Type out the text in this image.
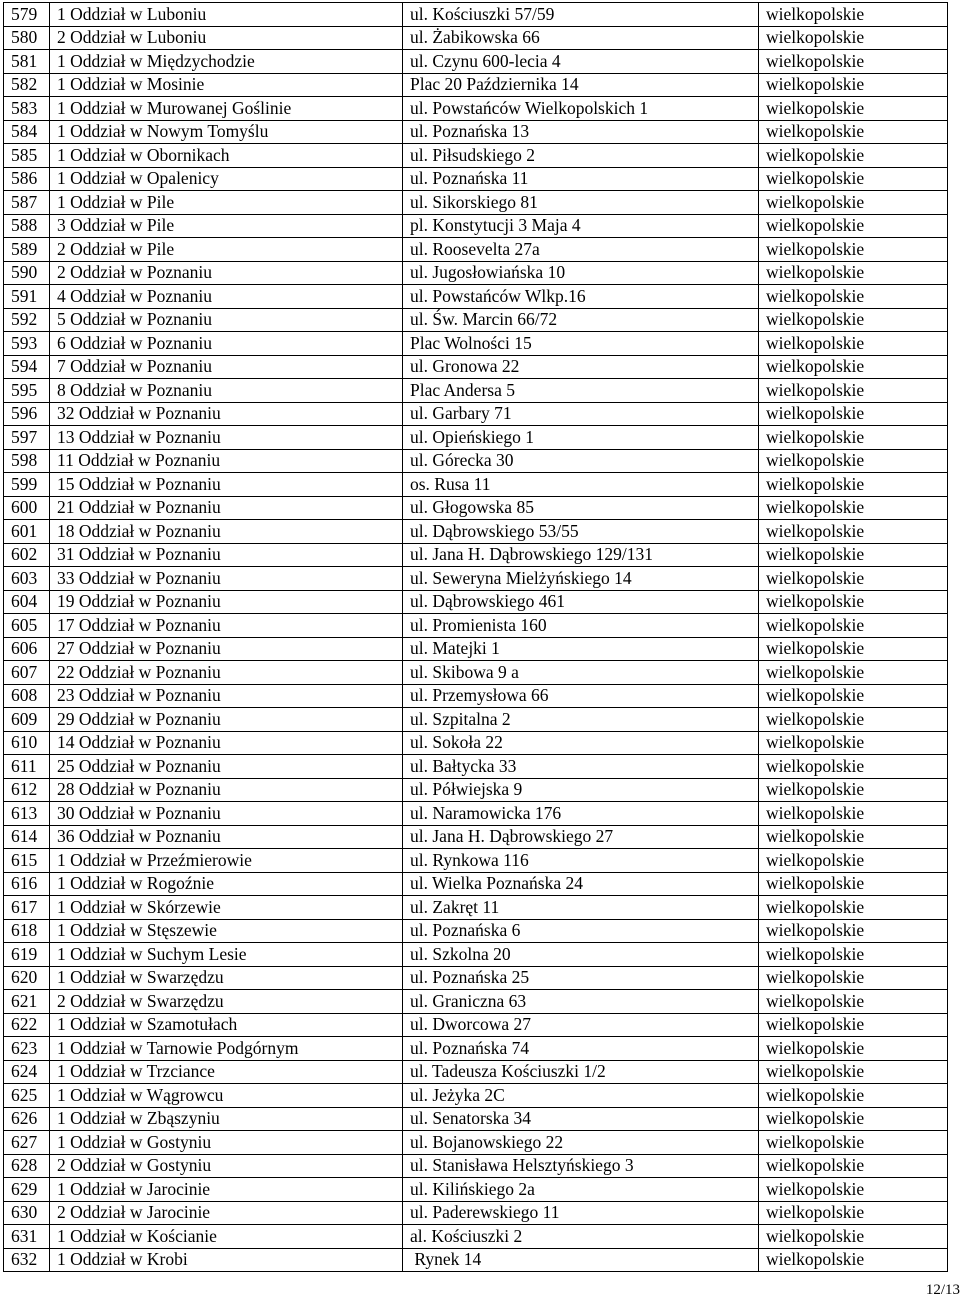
579	1 Oddział w Luboniu	ul. Kościuszki 57/59	wielkopolskie
580	2 Oddział w Luboniu	ul. Żabikowska 66	wielkopolskie
581	1 Oddział w Międzychodzie	ul. Czynu 600-lecia 4	wielkopolskie
582	1 Oddział w Mosinie	Plac 20 Października 14	wielkopolskie
583	1 Oddział w Murowanej Goślinie	ul. Powstańców Wielkopolskich 1	wielkopolskie
584	1 Oddział w Nowym Tomyślu	ul. Poznańska 13	wielkopolskie
585	1 Oddział w Obornikach	ul. Piłsudskiego 2	wielkopolskie
586	1 Oddział w Opalenicy	ul. Poznańska 11	wielkopolskie
587	1 Oddział w Pile	ul. Sikorskiego 81	wielkopolskie
588	3 Oddział w Pile	pl. Konstytucji 3 Maja 4	wielkopolskie
589	2 Oddział w Pile	ul. Roosevelta 27a	wielkopolskie
590	2 Oddział w Poznaniu	ul. Jugosłowiańska 10	wielkopolskie
591	4 Oddział w Poznaniu	ul. Powstańców Wlkp.16	wielkopolskie
592	5 Oddział w Poznaniu	ul. Św. Marcin 66/72	wielkopolskie
593	6 Oddział w Poznaniu	Plac Wolności 15	wielkopolskie
594	7 Oddział w Poznaniu	ul. Gronowa 22	wielkopolskie
595	8 Oddział w Poznaniu	Plac Andersa 5	wielkopolskie
596	32 Oddział w Poznaniu	ul. Garbary 71	wielkopolskie
597	13 Oddział w Poznaniu	ul. Opieńskiego 1	wielkopolskie
598	11 Oddział w Poznaniu	ul. Górecka 30	wielkopolskie
599	15 Oddział w Poznaniu	os. Rusa 11	wielkopolskie
600	21 Oddział w Poznaniu	ul. Głogowska 85	wielkopolskie
601	18 Oddział w Poznaniu	ul. Dąbrowskiego 53/55	wielkopolskie
602	31 Oddział w Poznaniu	ul. Jana H. Dąbrowskiego 129/131	wielkopolskie
603	33 Oddział w Poznaniu	ul. Seweryna Mielżyńskiego 14	wielkopolskie
604	19 Oddział w Poznaniu	ul. Dąbrowskiego 461	wielkopolskie
605	17 Oddział w Poznaniu	ul. Promienista 160	wielkopolskie
606	27 Oddział w Poznaniu	ul. Matejki 1	wielkopolskie
607	22 Oddział w Poznaniu	ul. Skibowa 9 a	wielkopolskie
608	23 Oddział w Poznaniu	ul. Przemysłowa 66	wielkopolskie
609	29 Oddział w Poznaniu	ul. Szpitalna 2	wielkopolskie
610	14 Oddział w Poznaniu	ul. Sokoła 22	wielkopolskie
611	25 Oddział w Poznaniu	ul. Bałtycka 33	wielkopolskie
612	28 Oddział w Poznaniu	ul. Półwiejska 9	wielkopolskie
613	30 Oddział w Poznaniu	ul. Naramowicka 176	wielkopolskie
614	36 Oddział w Poznaniu	ul. Jana H. Dąbrowskiego 27	wielkopolskie
615	1 Oddział w Przeźmierowie	ul. Rynkowa 116	wielkopolskie
616	1 Oddział w Rogoźnie	ul. Wielka Poznańska 24	wielkopolskie
617	1 Oddział w Skórzewie	ul. Zakręt 11	wielkopolskie
618	1 Oddział w Stęszewie	ul. Poznańska 6	wielkopolskie
619	1 Oddział w Suchym Lesie	ul. Szkolna 20	wielkopolskie
620	1 Oddział w Swarzędzu	ul. Poznańska 25	wielkopolskie
621	2 Oddział w Swarzędzu	ul. Graniczna 63	wielkopolskie
622	1 Oddział w Szamotułach	ul. Dworcowa 27	wielkopolskie
623	1 Oddział w Tarnowie Podgórnym	ul. Poznańska 74	wielkopolskie
624	1 Oddział w Trzciance	ul. Tadeusza Kościuszki 1/2	wielkopolskie
625	1 Oddział w Wągrowcu	ul. Jeżyka 2C	wielkopolskie
626	1 Oddział w Zbąszyniu	ul. Senatorska 34	wielkopolskie
627	1 Oddział w Gostyniu	ul. Bojanowskiego 22	wielkopolskie
628	2 Oddział w Gostyniu	ul. Stanisława Helsztyńskiego 3	wielkopolskie
629	1 Oddział w Jarocinie	ul. Kilińskiego 2a	wielkopolskie
630	2 Oddział w Jarocinie	ul. Paderewskiego 11	wielkopolskie
631	1 Oddział w Kościanie	al. Kościuszki 2	wielkopolskie
632	1 Oddział w Krobi	Rynek 14	wielkopolskie
12/13
